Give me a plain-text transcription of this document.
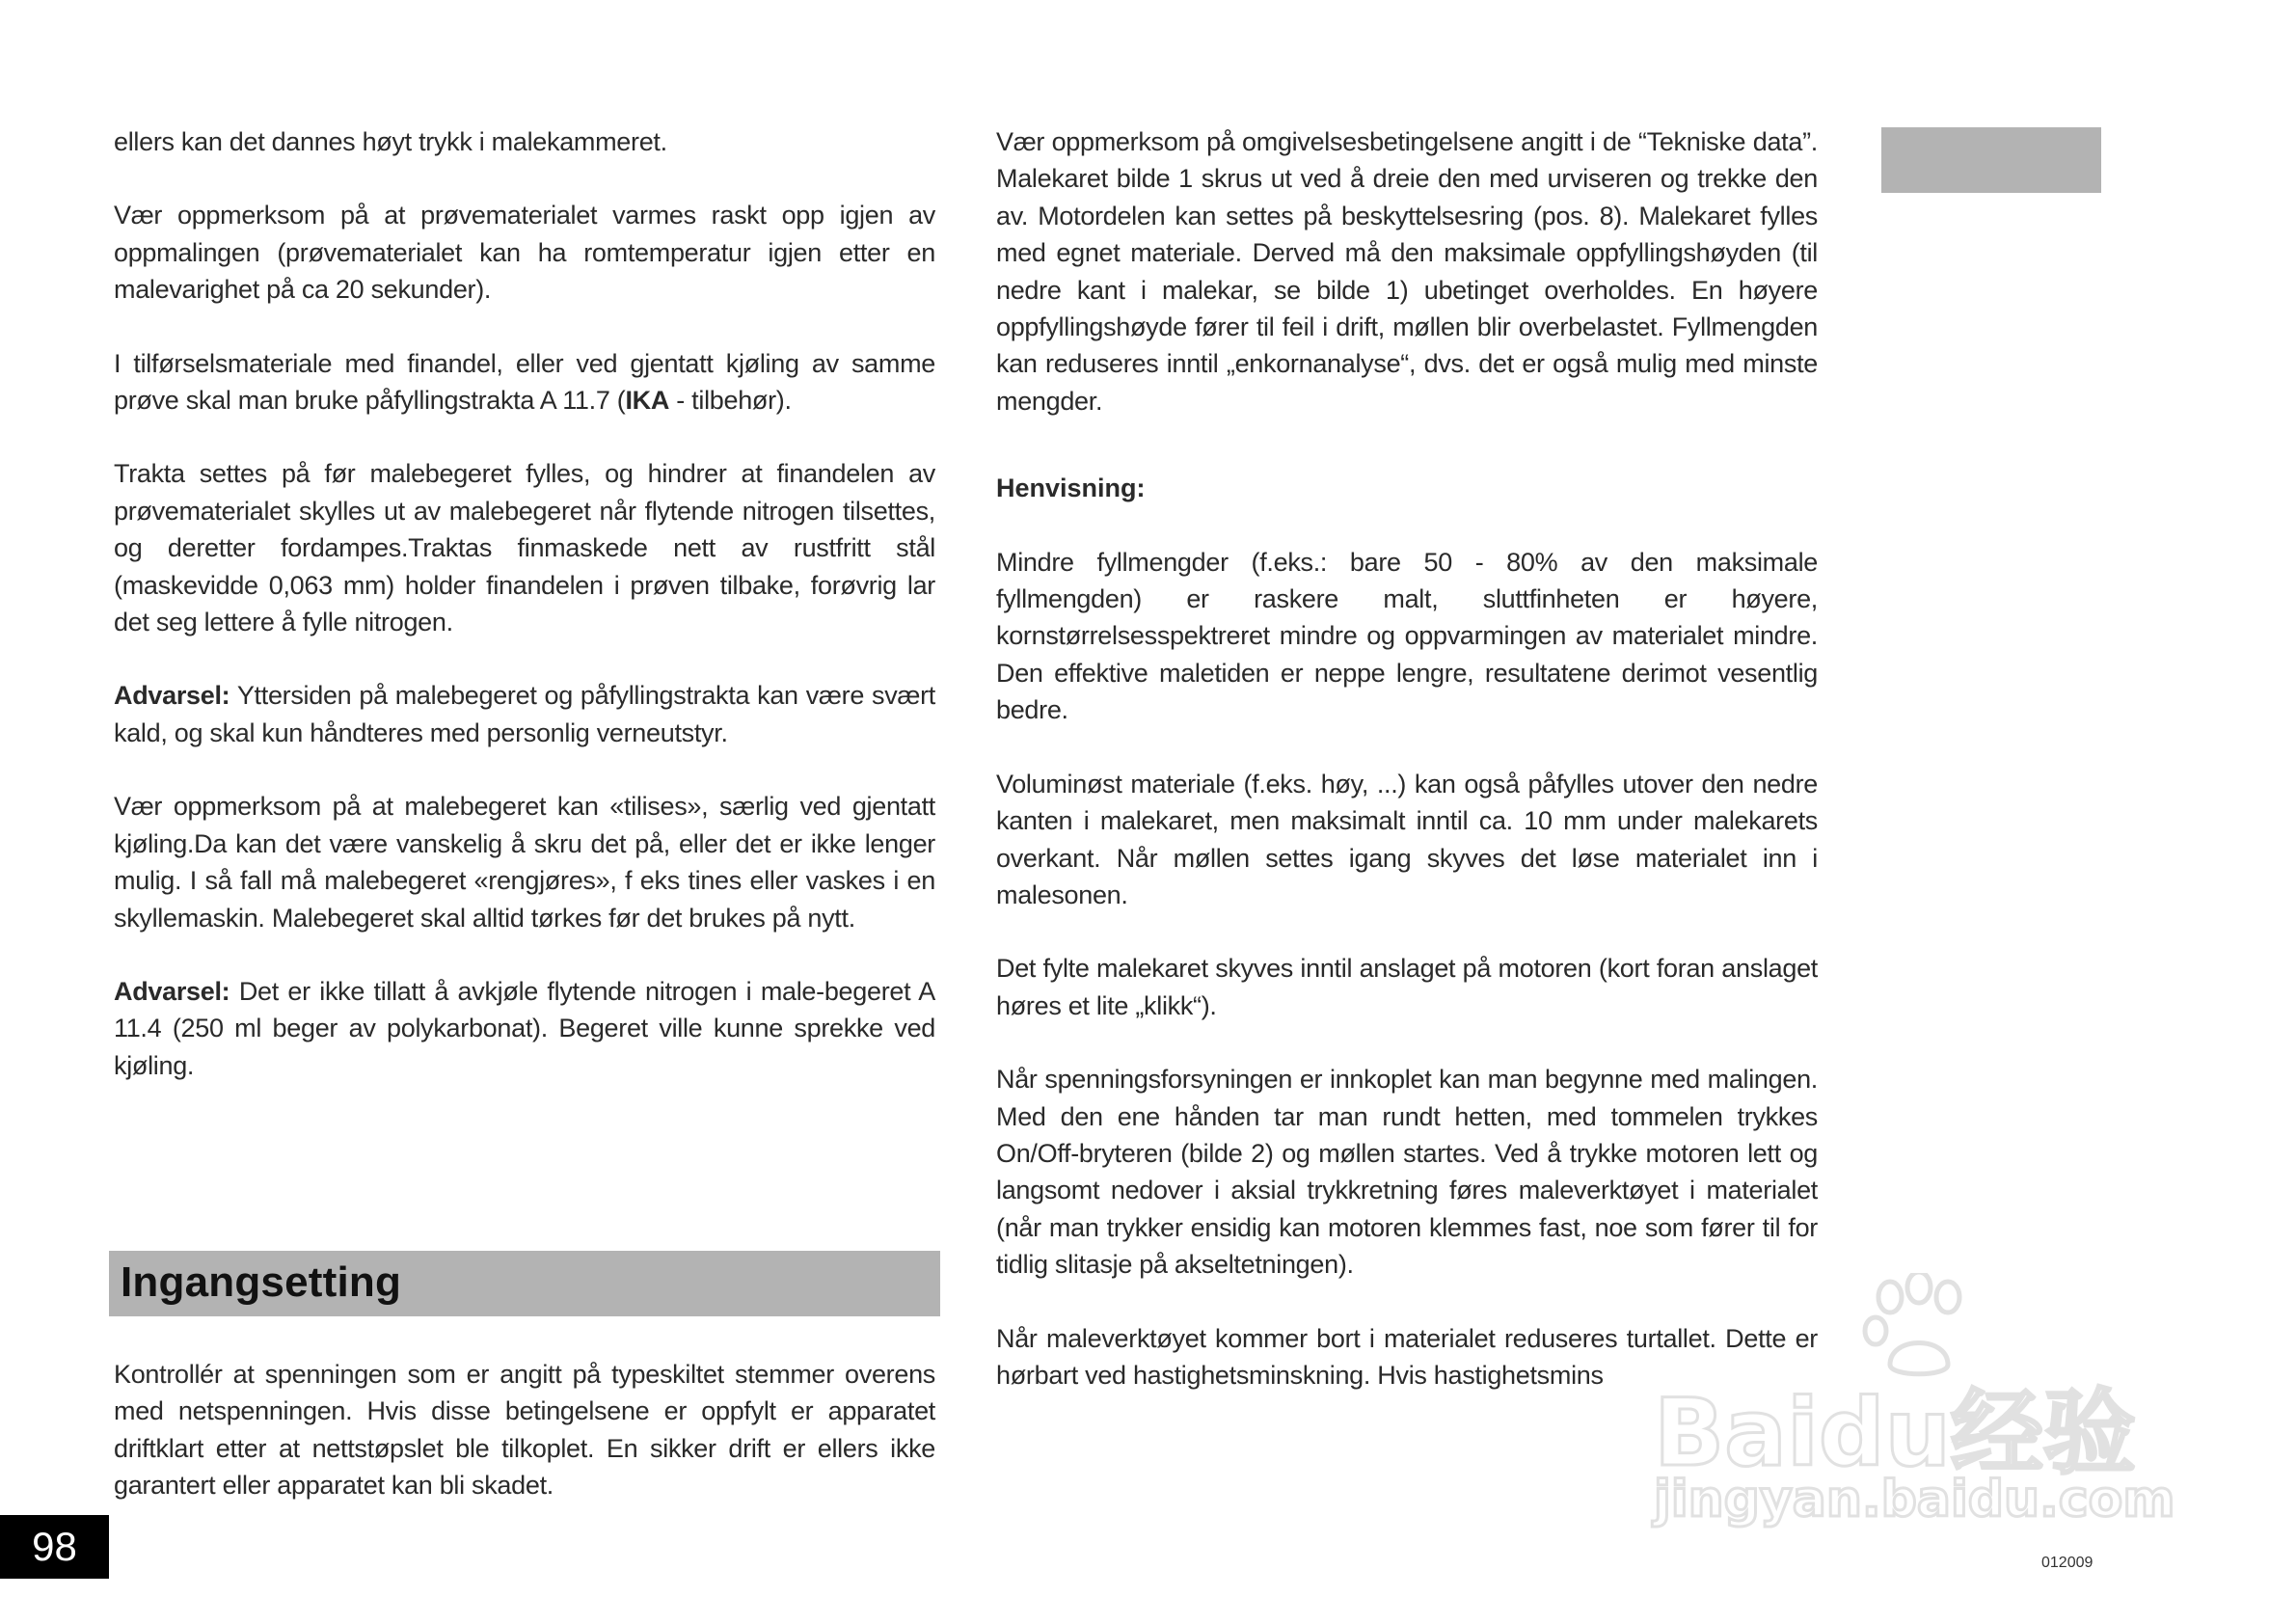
ellers kan det dannes høyt trykk i malekammeret.
Vær oppmerksom på at prøvematerialet varmes raskt opp igjen av oppmalingen (prøvematerialet kan ha romtemperatur igjen etter en malevarighet på ca 20 sekunder).
I tilførselsmateriale med finandel, eller ved gjentatt kjøling av samme prøve skal man bruke påfyllingstrakta A 11.7 (IKA - tilbehør).
Trakta settes på før malebegeret fylles, og hindrer at finandelen av prøvematerialet skylles ut av malebegeret når flytende nitrogen tilsettes, og deretter fordampes.Traktas finmaskede nett av rustfritt stål (maskevidde 0,063 mm) holder finandelen i prøven tilbake, forøvrig lar det seg lettere å fylle nitrogen.
Advarsel: Yttersiden på malebegeret og påfyllingstrakta kan være svært kald, og skal kun håndteres med personlig verneutstyr.
Vær oppmerksom på at malebegeret kan «tilises», særlig ved gjentatt kjøling.Da kan det være vanskelig å skru det på, eller det er ikke lenger mulig. I så fall må malebegeret «rengjøres», f eks tines eller vaskes i en skyllemaskin. Malebegeret skal alltid tørkes før det brukes på nytt.
Advarsel: Det er ikke tillatt å avkjøle flytende nitrogen i male-begeret A 11.4 (250 ml beger av polykarbonat). Begeret ville kunne sprekke ved kjøling.
Ingangsetting
Kontrollér at spenningen som er angitt på typeskiltet stemmer overens med netspenningen. Hvis disse betingelsene er oppfylt er apparatet driftklart etter at nettstøpslet ble tilkoplet. En sikker drift er ellers ikke garantert eller apparatet kan bli skadet.
Vær oppmerksom på omgivelsesbetingelsene angitt i de “Tekniske data”. Malekaret bilde 1 skrus ut ved å dreie den med urviseren og trekke den av. Motordelen kan settes på beskyttelsesring (pos. 8). Malekaret fylles med egnet materiale. Derved må den maksimale oppfyllingshøyden (til nedre kant i malekar, se bilde 1) ubetinget overholdes. En høyere oppfyllingshøyde fører til feil i drift, møllen blir overbelastet. Fyllmengden kan reduseres inntil „enkornanalyse“, dvs. det er også mulig med minste mengder.
Henvisning:
Mindre fyllmengder (f.eks.: bare 50 - 80% av den maksimale fyllmengden) er raskere malt, sluttfinheten er høyere, kornstørrelsesspektreret mindre og oppvarmingen av materialet mindre. Den effektive maletiden er neppe lengre, resultatene derimot vesentlig bedre.
Voluminøst materiale (f.eks. høy, ...) kan også påfylles utover den nedre kanten i malekaret, men maksimalt inntil ca. 10 mm under malekarets overkant. Når møllen settes igang skyves det løse materialet inn i malesonen.
Det fylte malekaret skyves inntil anslaget på motoren (kort foran anslaget høres et lite „klikk“).
Når spenningsforsyningen er innkoplet kan man begynne med malingen. Med den ene hånden tar man rundt hetten, med tommelen trykkes On/Off-bryteren (bilde 2) og møllen startes. Ved å trykke motoren lett og langsomt nedover i aksial trykkretning føres maleverktøyet i materialet (når man trykker ensidig kan motoren klemmes fast, noe som fører til for tidlig slitasje på akseltetningen).
Når maleverktøyet kommer bort i materialet reduseres turtallet. Dette er hørbart ved hastighetsminskning. Hvis hastighetsmins
98	012009
Baidu经验
jingyan.baidu.com
